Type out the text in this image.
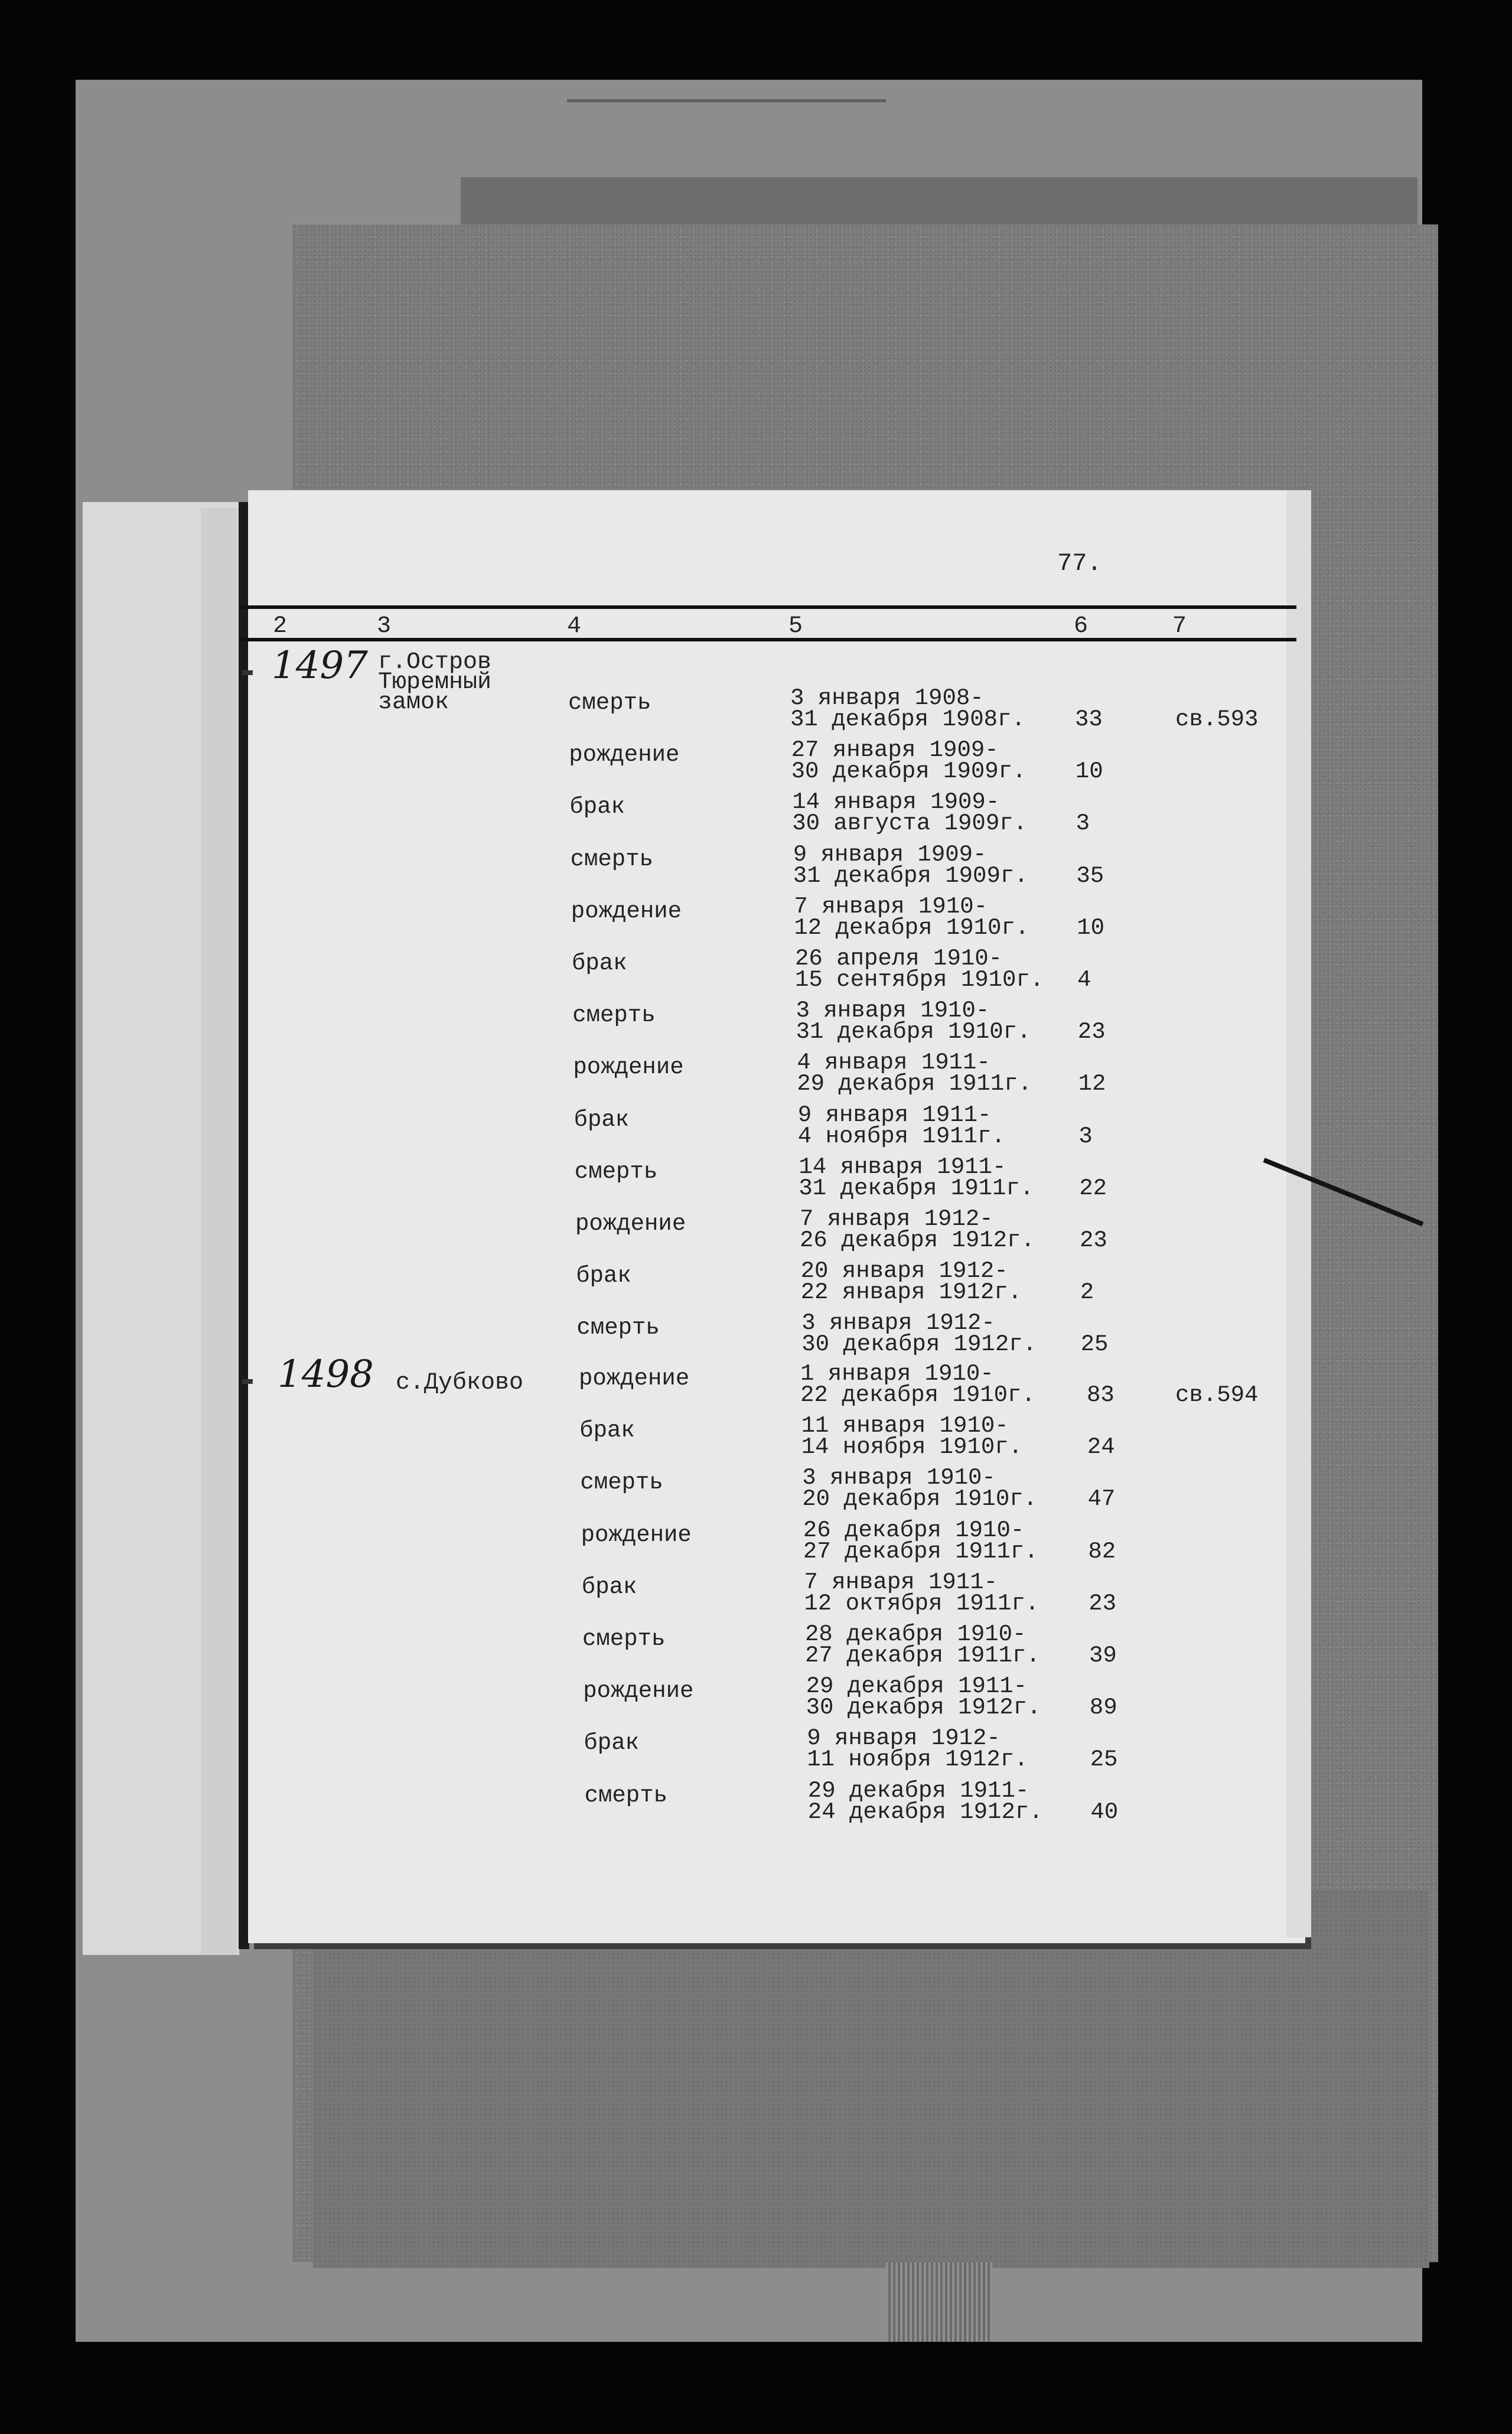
77.
2	3	4	5	6	7
▬ 1497 г.Остров
Тюремный
замок	смерть	3 января 1908-
31 декабря 1908г. 33	св.593
рождение	27 января 1909-
30 декабря 1909г. 10
брак	14 января 1909-
30 августа 1909г. 3
смерть	9 января 1909-
31 декабря 1909г. 35
рождение	7 января 1910-
12 декабря 1910г. 10
брак	26 апреля 1910-
15 сентября 1910г. 4
смерть	3 января 1910-
31 декабря 1910г. 23
рождение	4 января 1911-
29 декабря 1911г. 12
брак	9 января 1911-
4 ноября 1911г.	3
смерть	14 января 1911-
31 декабря 1911г. 22
рождение	7 января 1912-
26 декабря 1912г. 23
брак	20 января 1912-
22 января 1912г.	2
смерть	3 января 1912-
30 декабря 1912г. 25
▬ 1498 с.Дубково рождение	1 января 1910-
22 декабря 1910г. 83	св.594
брак	11 января 1910-
14 ноября 1910г.	24
смерть	3 января 1910-
20 декабря 1910г. 47
рождение	26 декабря 1910-
27 декабря 1911г. 82
брак	7 января 1911-
12 октября 1911г. 23
смерть	28 декабря 1910-
27 декабря 1911г. 39
рождение	29 декабря 1911-
30 декабря 1912г. 89
брак	9 января 1912-
11 ноября 1912г.	25
смерть	29 декабря 1911-
24 декабря 1912г. 40
